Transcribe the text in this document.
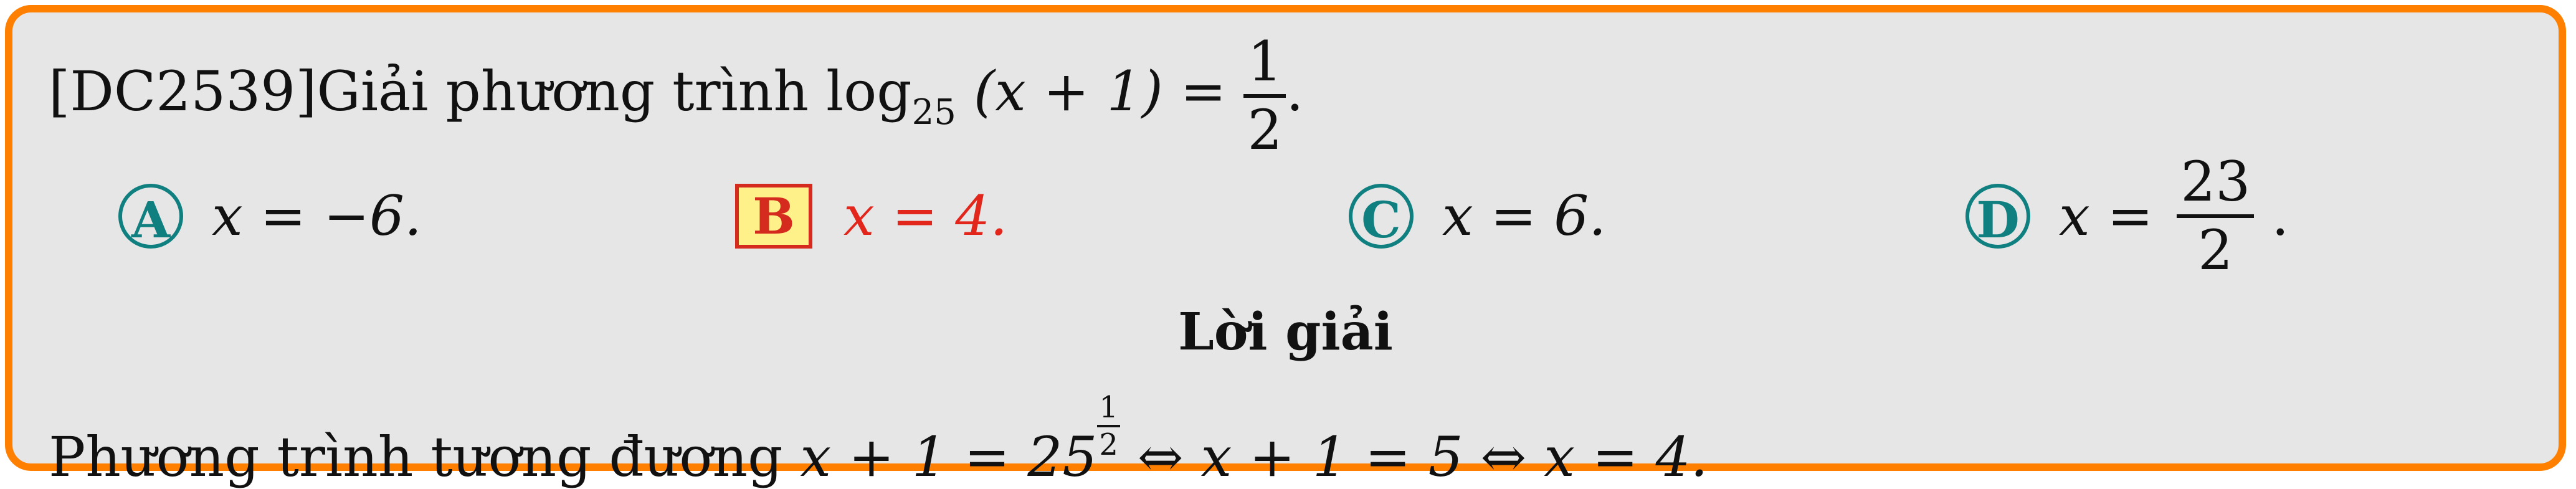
[DC2539]Giải phương trình $\log_{25} (x + 1) = \frac{1}{2}$ .
A x = −6.	B x = 4.	C x = 6.	D $x = \frac{23}{2}$ .
Lời giải
Phương trình tương đương $x + 1 = 25 \frac{1}{2}$ ⇔ x + 1 = 5 ⇔ x = 4.
